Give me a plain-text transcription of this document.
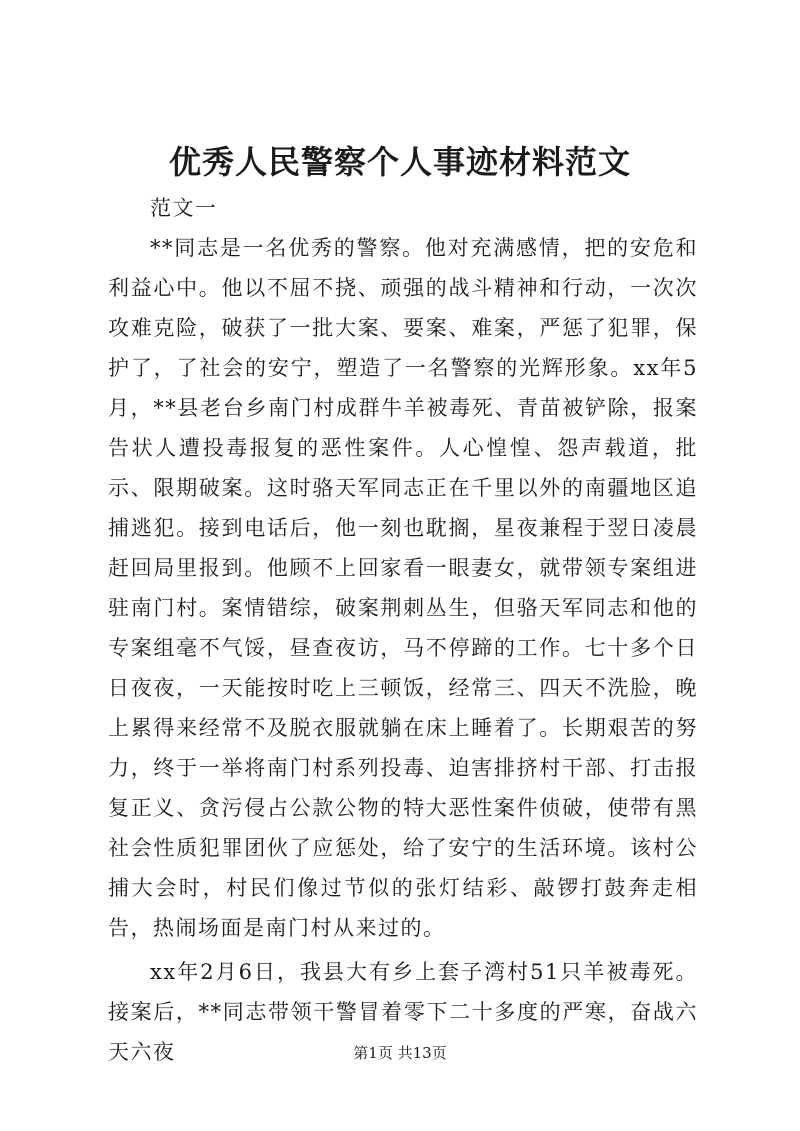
优秀人民警察个人事迹材料范文

范文一

**同志是一名优秀的警察。他对充满感情，把的安危和利益心中。他以不屈不挠、顽强的战斗精神和行动，一次次攻难克险，破获了一批大案、要案、难案，严惩了犯罪，保护了，了社会的安宁，塑造了一名警察的光辉形象。xx年5月，**县老台乡南门村成群牛羊被毒死、青苗被铲除，报案告状人遭投毒报复的恶性案件。人心惶惶、怨声载道，批示、限期破案。这时骆天军同志正在千里以外的南疆地区追捕逃犯。接到电话后，他一刻也耽搁，星夜兼程于翌日凌晨赶回局里报到。他顾不上回家看一眼妻女，就带领专案组进驻南门村。案情错综，破案荆刺丛生，但骆天军同志和他的专案组毫不气馁，昼查夜访，马不停蹄的工作。七十多个日日夜夜，一天能按时吃上三顿饭，经常三、四天不洗脸，晚上累得来经常不及脱衣服就躺在床上睡着了。长期艰苦的努力，终于一举将南门村系列投毒、迫害排挤村干部、打击报复正义、贪污侵占公款公物的特大恶性案件侦破，使带有黑社会性质犯罪团伙了应惩处，给了安宁的生活环境。该村公捕大会时，村民们像过节似的张灯结彩、敲锣打鼓奔走相告，热闹场面是南门村从来过的。

xx年2月6日，我县大有乡上套子湾村51只羊被毒死。接案后，**同志带领干警冒着零下二十多度的严寒，奋战六天六夜	第1页 共13页
